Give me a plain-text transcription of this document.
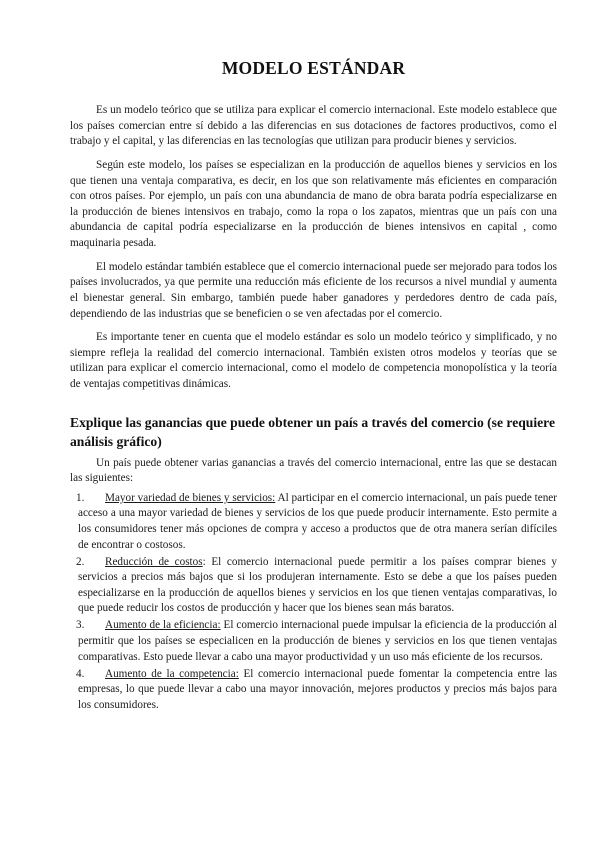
MODELO ESTÁNDAR

Es un modelo teórico que se utiliza para explicar el comercio internacional. Este modelo establece que los países comercian entre sí debido a las diferencias en sus dotaciones de factores productivos, como el trabajo y el capital, y las diferencias en las tecnologías que utilizan para producir bienes y servicios.

Según este modelo, los países se especializan en la producción de aquellos bienes y servicios en los que tienen una ventaja comparativa, es decir, en los que son relativamente más eficientes en comparación con otros países. Por ejemplo, un país con una abundancia de mano de obra barata podría especializarse en la producción de bienes intensivos en trabajo, como la ropa o los zapatos, mientras que un país con una abundancia de capital podría especializarse en la producción de bienes intensivos en capital , como maquinaria pesada.

El modelo estándar también establece que el comercio internacional puede ser mejorado para todos los países involucrados, ya que permite una reducción más eficiente de los recursos a nivel mundial y aumenta el bienestar general. Sin embargo, también puede haber ganadores y perdedores dentro de cada país, dependiendo de las industrias que se beneficien o se ven afectadas por el comercio.

Es importante tener en cuenta que el modelo estándar es solo un modelo teórico y simplificado, y no siempre refleja la realidad del comercio internacional. También existen otros modelos y teorías que se utilizan para explicar el comercio internacional, como el modelo de competencia monopolística y la teoría de ventajas competitivas dinámicas.

Explique las ganancias que puede obtener un país a través del comercio (se requiere análisis gráfico)

Un país puede obtener varias ganancias a través del comercio internacional, entre las que se destacan las siguientes:

1. Mayor variedad de bienes y servicios: Al participar en el comercio internacional, un país puede tener acceso a una mayor variedad de bienes y servicios de los que puede producir internamente. Esto permite a los consumidores tener más opciones de compra y acceso a productos que de otra manera serían difíciles de encontrar o costosos.
2. Reducción de costos: El comercio internacional puede permitir a los países comprar bienes y servicios a precios más bajos que si los produjeran internamente. Esto se debe a que los países pueden especializarse en la producción de aquellos bienes y servicios en los que tienen ventajas comparativas, lo que puede reducir los costos de producción y hacer que los bienes sean más baratos.
3. Aumento de la eficiencia: El comercio internacional puede impulsar la eficiencia de la producción al permitir que los países se especialicen en la producción de bienes y servicios en los que tienen ventajas comparativas. Esto puede llevar a cabo una mayor productividad y un uso más eficiente de los recursos.
4. Aumento de la competencia: El comercio internacional puede fomentar la competencia entre las empresas, lo que puede llevar a cabo una mayor innovación, mejores productos y precios más bajos para los consumidores.
